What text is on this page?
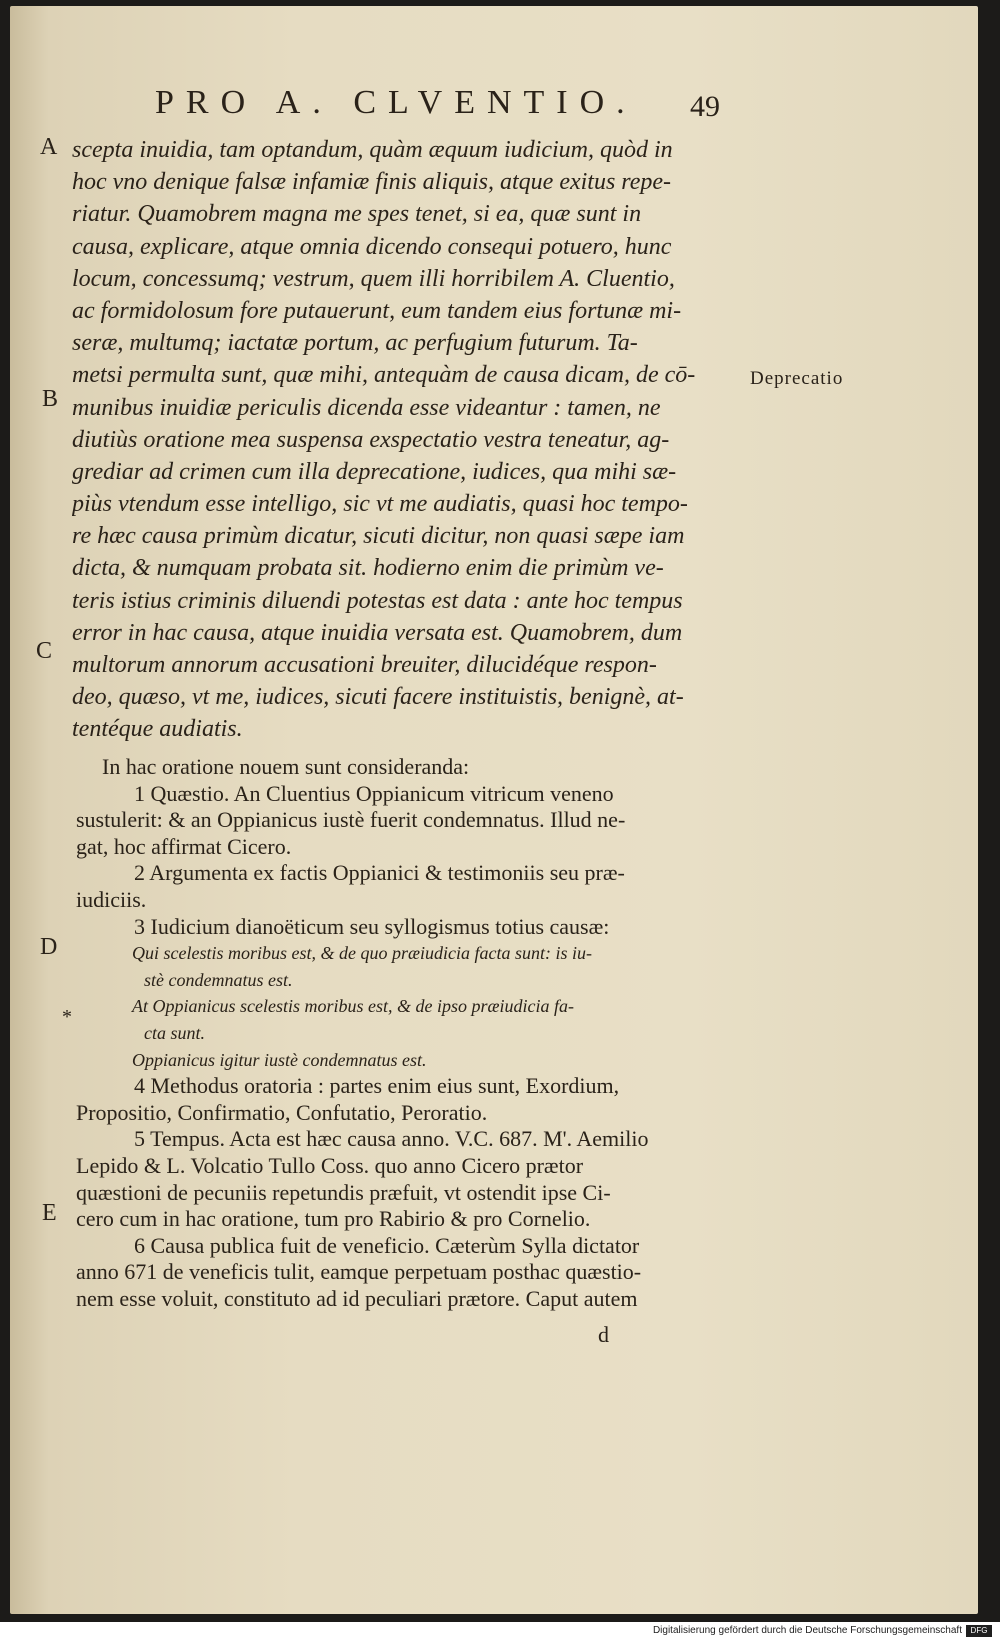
PRO A. CLVENTIO. 49
A
B
C
D
*
E
Deprecatio
scepta inuidia, tam optandum, quàm æquum iudicium, quòd in
hoc vno denique falsæ infamiæ finis aliquis, atque exitus repe-
riatur. Quamobrem magna me spes tenet, si ea, quæ sunt in
causa, explicare, atque omnia dicendo consequi potuero, hunc
locum, concessumq; vestrum, quem illi horribilem A. Cluentio,
ac formidolosum fore putauerunt, eum tandem eius fortunæ mi-
seræ, multumq; iactatæ portum, ac perfugium futurum. Ta-
metsi permulta sunt, quæ mihi, antequàm de causa dicam, de cō-
munibus inuidiæ periculis dicenda esse videantur : tamen, ne
diutiùs oratione mea suspensa exspectatio vestra teneatur, ag-
grediar ad crimen cum illa deprecatione, iudices, qua mihi sæ-
piùs vtendum esse intelligo, sic vt me audiatis, quasi hoc tempo-
re hæc causa primùm dicatur, sicuti dicitur, non quasi sæpe iam
dicta, & numquam probata sit. hodierno enim die primùm ve-
teris istius criminis diluendi potestas est data : ante hoc tempus
error in hac causa, atque inuidia versata est. Quamobrem, dum
multorum annorum accusationi breuiter, dilucidéque respon-
deo, quæso, vt me, iudices, sicuti facere instituistis, benignè, at-
tentéque audiatis.
In hac oratione nouem sunt consideranda:
1 Quæstio. An Cluentius Oppianicum vitricum veneno
sustulerit: & an Oppianicus iustè fuerit condemnatus. Illud ne-
gat, hoc affirmat Cicero.
2 Argumenta ex factis Oppianici & testimoniis seu præ-
iudiciis.
3 Iudicium dianoëticum seu syllogismus totius causæ:
Qui scelestis moribus est, & de quo præiudicia facta sunt: is iu-
stè condemnatus est.
At Oppianicus scelestis moribus est, & de ipso præiudicia fa-
cta sunt.
Oppianicus igitur iustè condemnatus est.
4 Methodus oratoria : partes enim eius sunt, Exordium,
Propositio, Confirmatio, Confutatio, Peroratio.
5 Tempus. Acta est hæc causa anno. V.C. 687. M'. Aemilio
Lepido & L. Volcatio Tullo Coss. quo anno Cicero prætor
quæstioni de pecuniis repetundis præfuit, vt ostendit ipse Ci-
cero cum in hac oratione, tum pro Rabirio & pro Cornelio.
6 Causa publica fuit de veneficio. Cæterùm Sylla dictator
anno 671 de veneficis tulit, eamque perpetuam posthac quæstio-
nem esse voluit, constituto ad id peculiari prætore. Caput autem
d
Digitalisierung gefördert durch die Deutsche Forschungsgemeinschaft	DFG
